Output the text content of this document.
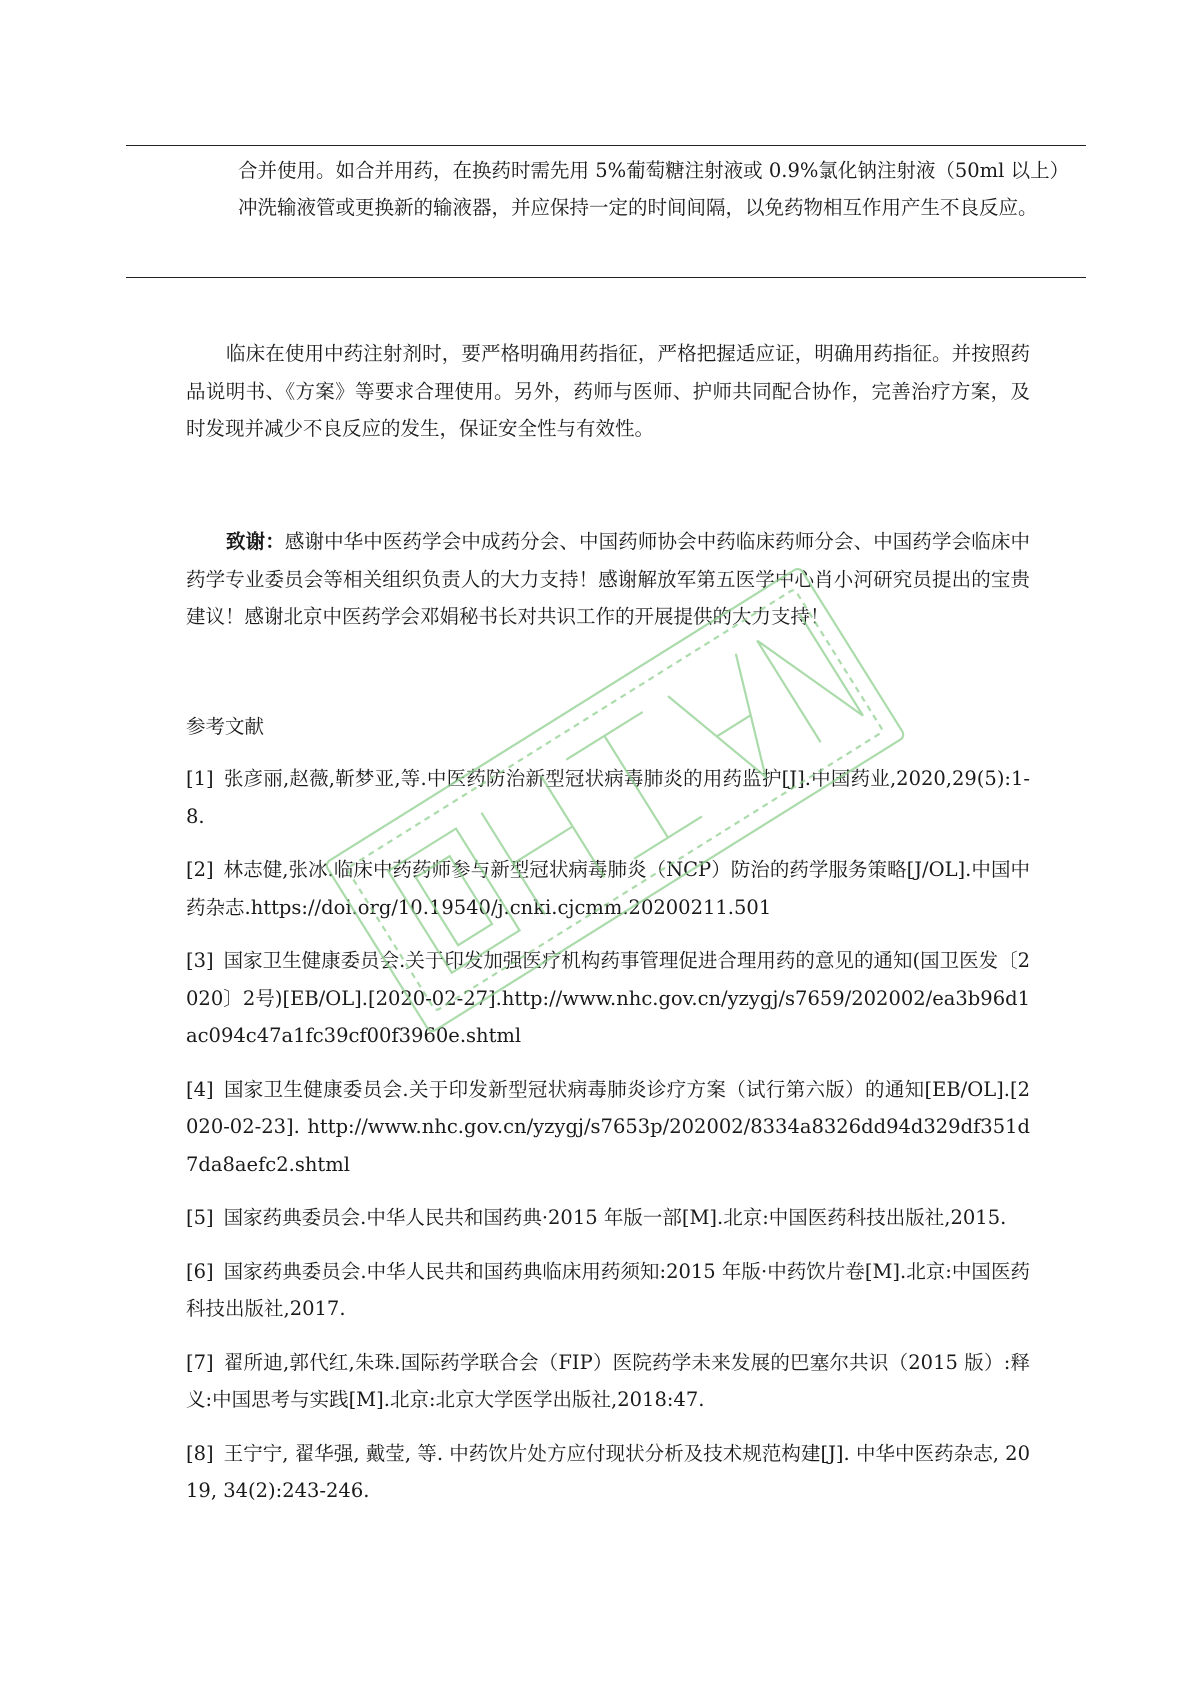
合并使用。如合并用药，在换药时需先用 5%葡萄糖注射液或 0.9%氯化钠注射液（50ml 以上）冲洗输液管或更换新的输液器，并应保持一定的时间间隔，以免药物相互作用产生不良反应。

临床在使用中药注射剂时，要严格明确用药指征，严格把握适应证，明确用药指征。并按照药品说明书、《方案》等要求合理使用。另外，药师与医师、护师共同配合协作，完善治疗方案，及时发现并减少不良反应的发生，保证安全性与有效性。

致谢：感谢中华中医药学会中成药分会、中国药师协会中药临床药师分会、中国药学会临床中药学专业委员会等相关组织负责人的大力支持！感谢解放军第五医学中心肖小河研究员提出的宝贵建议！感谢北京中医药学会邓娟秘书长对共识工作的开展提供的大力支持！

参考文献
[1] 张彦丽,赵薇,靳梦亚,等.中医药防治新型冠状病毒肺炎的用药监护[J].中国药业,2020,29(5):1-8.
[2] 林志健,张冰.临床中药药师参与新型冠状病毒肺炎（NCP）防治的药学服务策略[J/OL].中国中药杂志.https://doi.org/10.19540/j.cnki.cjcmm.20200211.501
[3] 国家卫生健康委员会.关于印发加强医疗机构药事管理促进合理用药的意见的通知(国卫医发〔2020〕2号)[EB/OL].[2020-02-27].http://www.nhc.gov.cn/yzygj/s7659/202002/ea3b96d1ac094c47a1fc39cf00f3960e.shtml
[4] 国家卫生健康委员会.关于印发新型冠状病毒肺炎诊疗方案（试行第六版）的通知[EB/OL].[2020-02-23]. http://www.nhc.gov.cn/yzygj/s7653p/202002/8334a8326dd94d329df351d7da8aefc2.shtml
[5] 国家药典委员会.中华人民共和国药典·2015 年版一部[M].北京:中国医药科技出版社,2015.
[6] 国家药典委员会.中华人民共和国药典临床用药须知:2015 年版·中药饮片卷[M].北京:中国医药科技出版社,2017.
[7] 翟所迪,郭代红,朱珠.国际药学联合会（FIP）医院药学未来发展的巴塞尔共识（2015 版）:释义:中国思考与实践[M].北京:北京大学医学出版社,2018:47.
[8] 王宁宁, 翟华强, 戴莹, 等. 中药饮片处方应付现状分析及技术规范构建[J]. 中华中医药杂志, 2019, 34(2):243-246.
